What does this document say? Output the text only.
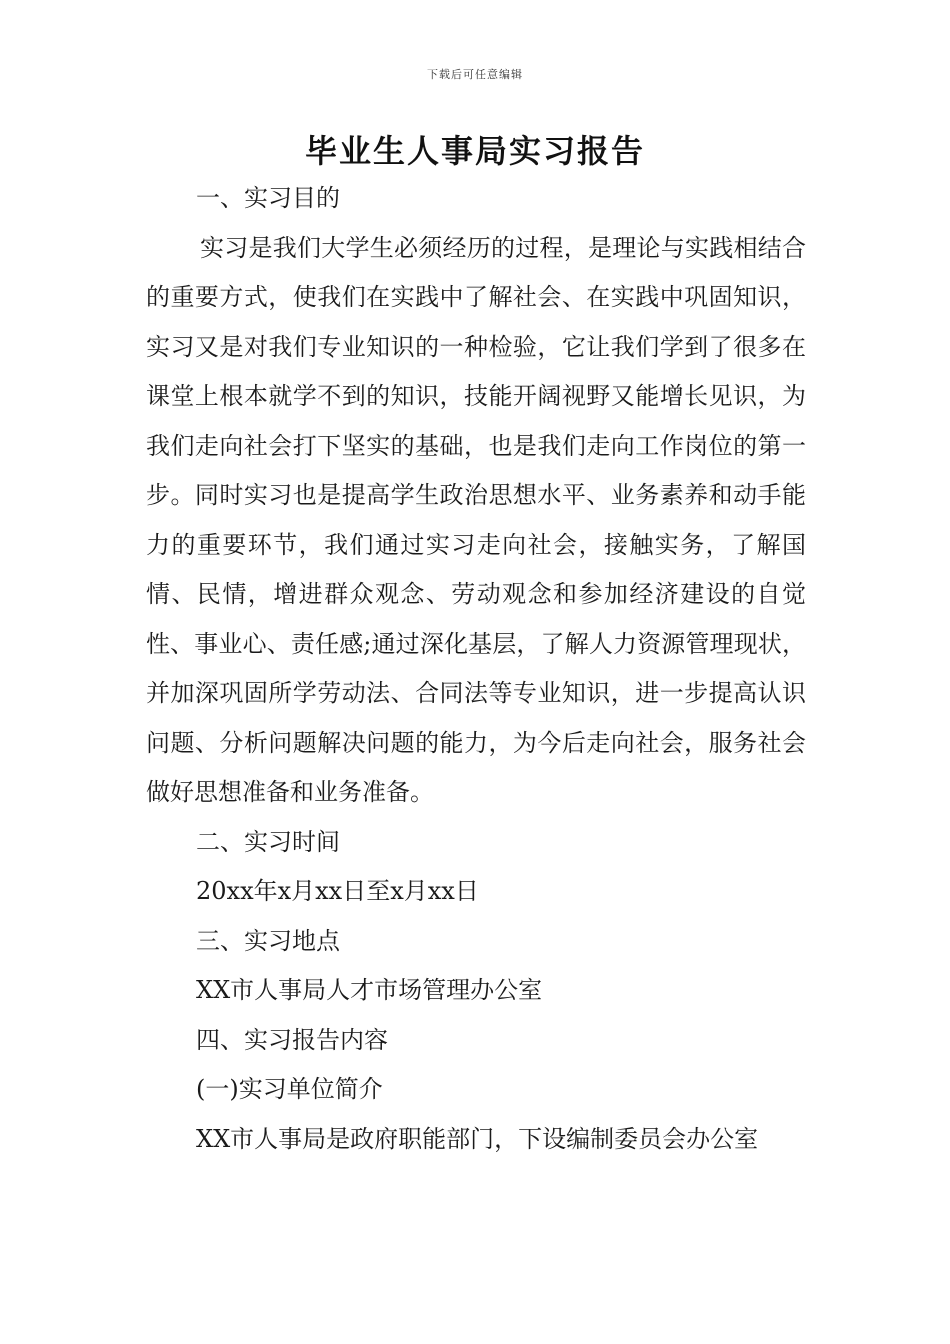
下载后可任意编辑
毕业生人事局实习报告

一、实习目的

实习是我们大学生必须经历的过程，是理论与实践相结合的重要方式，使我们在实践中了解社会、在实践中巩固知识，实习又是对我们专业知识的一种检验，它让我们学到了很多在课堂上根本就学不到的知识，技能开阔视野又能增长见识，为我们走向社会打下坚实的基础，也是我们走向工作岗位的第一步。同时实习也是提高学生政治思想水平、业务素养和动手能力的重要环节，我们通过实习走向社会，接触实务，了解国情、民情，增进群众观念、劳动观念和参加经济建设的自觉性、事业心、责任感;通过深化基层，了解人力资源管理现状，并加深巩固所学劳动法、合同法等专业知识，进一步提高认识问题、分析问题解决问题的能力，为今后走向社会，服务社会做好思想准备和业务准备。

二、实习时间

20xx年x月xx日至x月xx日

三、实习地点

XX市人事局人才市场管理办公室

四、实习报告内容

(一)实习单位简介

XX市人事局是政府职能部门，下设编制委员会办公室
